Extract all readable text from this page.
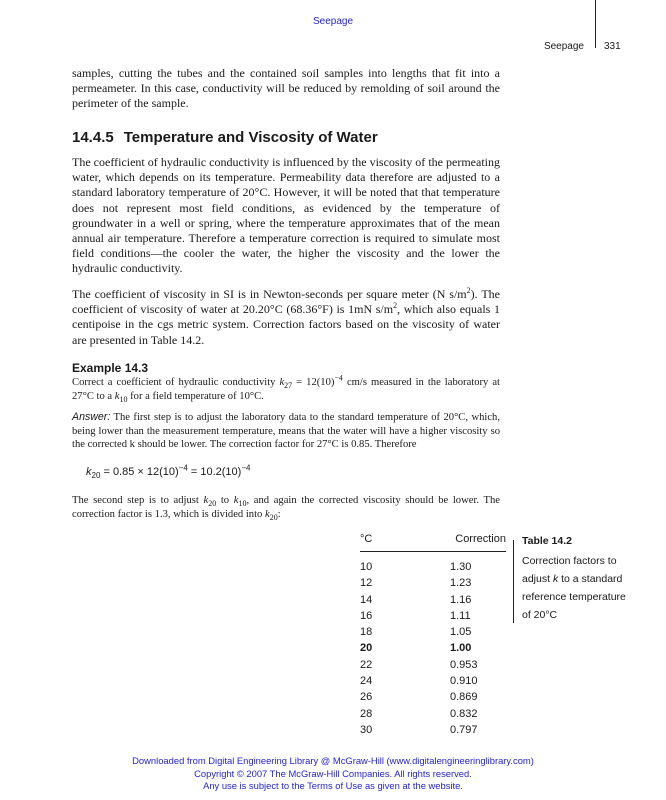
Seepage
Seepage 331

samples, cutting the tubes and the contained soil samples into lengths that fit into a permeameter. In this case, conductivity will be reduced by remolding of soil around the perimeter of the sample.

14.4.5 Temperature and Viscosity of Water

The coefficient of hydraulic conductivity is influenced by the viscosity of the permeating water, which depends on its temperature. Permeability data therefore are adjusted to a standard laboratory temperature of 20°C. However, it will be noted that that temperature does not represent most field conditions, as evidenced by the temperature of groundwater in a well or spring, where the temperature approximates that of the mean annual air temperature. Therefore a temperature correction is required to simulate most field conditions—the cooler the water, the higher the viscosity and the lower the hydraulic conductivity.

The coefficient of viscosity in SI is in Newton-seconds per square meter (N $s/m^2$). The coefficient of viscosity of water at 20.20°C (68.36°F) is 1mN $s/m^2$, which also equals 1 centipoise in the cgs metric system. Correction factors based on the viscosity of water are presented in Table 14.2.

Example 14.3

Correct a coefficient of hydraulic conductivity $k_{27} = 12(10)^{-4}$ cm/s measured in the laboratory at 27°C to a $k_{10}$ for a field temperature of 10°C.

Answer: The first step is to adjust the laboratory data to the standard temperature of 20°C, which, being lower than the measurement temperature, means that the water will have a higher viscosity so the corrected k should be lower. The correction factor for 27°C is 0.85. Therefore

$k_{20} = 0.85 \times 12(10)^{-4} = 10.2(10)^{-4}$

The second step is to adjust $k_{20}$ to $k_{10}$, and again the corrected viscosity should be lower. The correction factor is 1.3, which is divided into $k_{20}$:

°C	Correction
10	1.30
12	1.23
14	1.16
16	1.11
18	1.05
20	1.00
22	0.953
24	0.910
26	0.869
28	0.832
30	0.797
Table 14.2

Correction factors to adjust k to a standard reference temperature of 20°C

Downloaded from Digital Engineering Library @ McGraw-Hill (www.digitalengineeringlibrary.com)
Copyright © 2007 The McGraw-Hill Companies. All rights reserved.
Any use is subject to the Terms of Use as given at the website.
